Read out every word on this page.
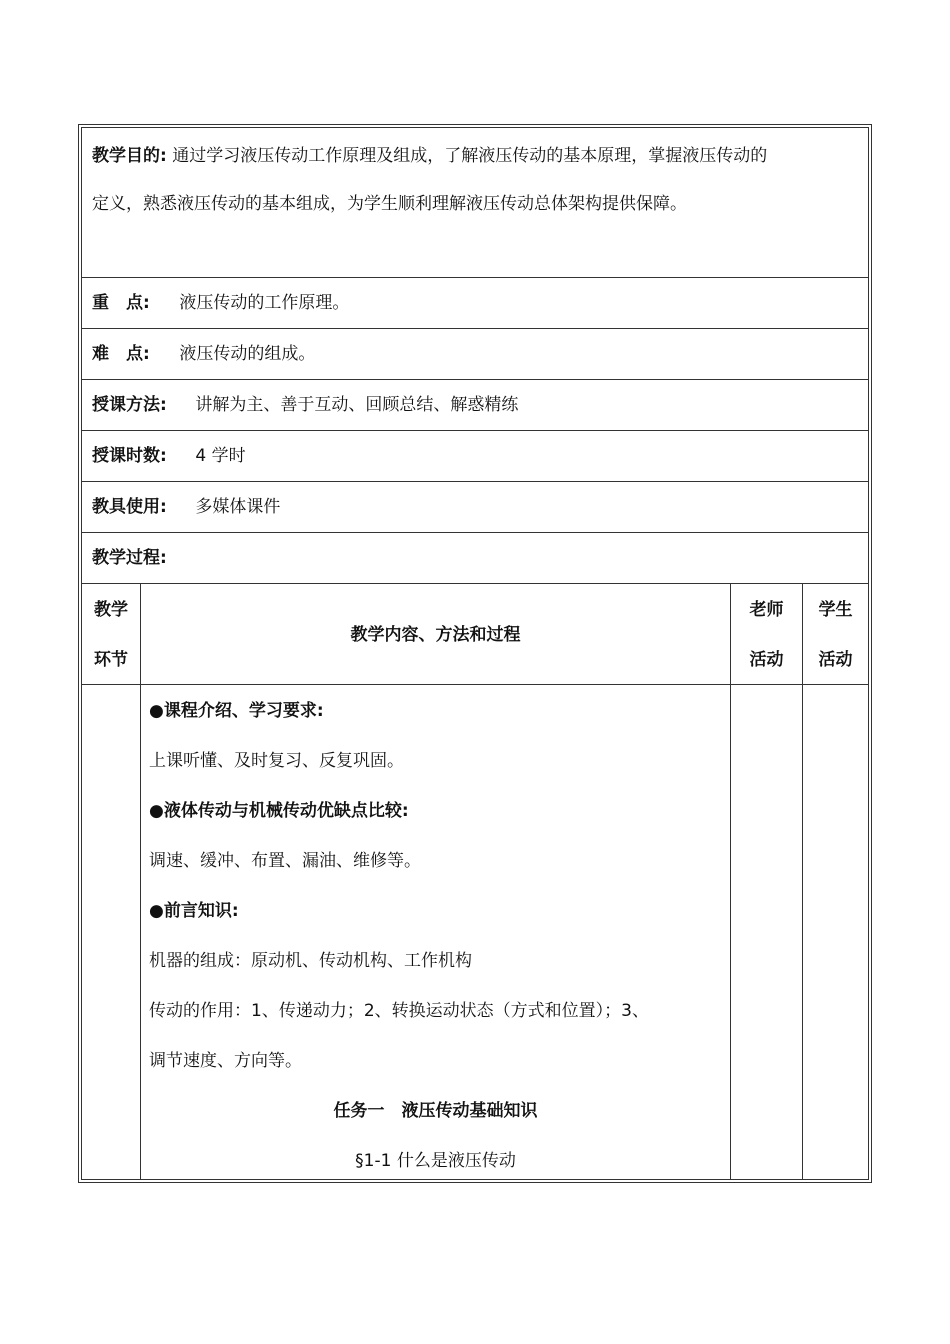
教学目的: 通过学习液压传动工作原理及组成，了解液压传动的基本原理，掌握液压传动的
定义，熟悉液压传动的基本组成，为学生顺利理解液压传动总体架构提供保障。
重　点: 液压传动的工作原理。
难　点: 液压传动的组成。
授课方法: 讲解为主、善于互动、回顾总结、解惑精练
授课时数: 4 学时
教具使用: 多媒体课件
教学过程:
教学
环节
教学内容、方法和过程
老师
活动
学生
活动
●课程介绍、学习要求:
上课听懂、及时复习、反复巩固。
●液体传动与机械传动优缺点比较:
调速、缓冲、布置、漏油、维修等。
●前言知识:
机器的组成：原动机、传动机构、工作机构
传动的作用：1、传递动力；2、转换运动状态（方式和位置）；3、
调节速度、方向等。
任务一　液压传动基础知识
§1-1 什么是液压传动
